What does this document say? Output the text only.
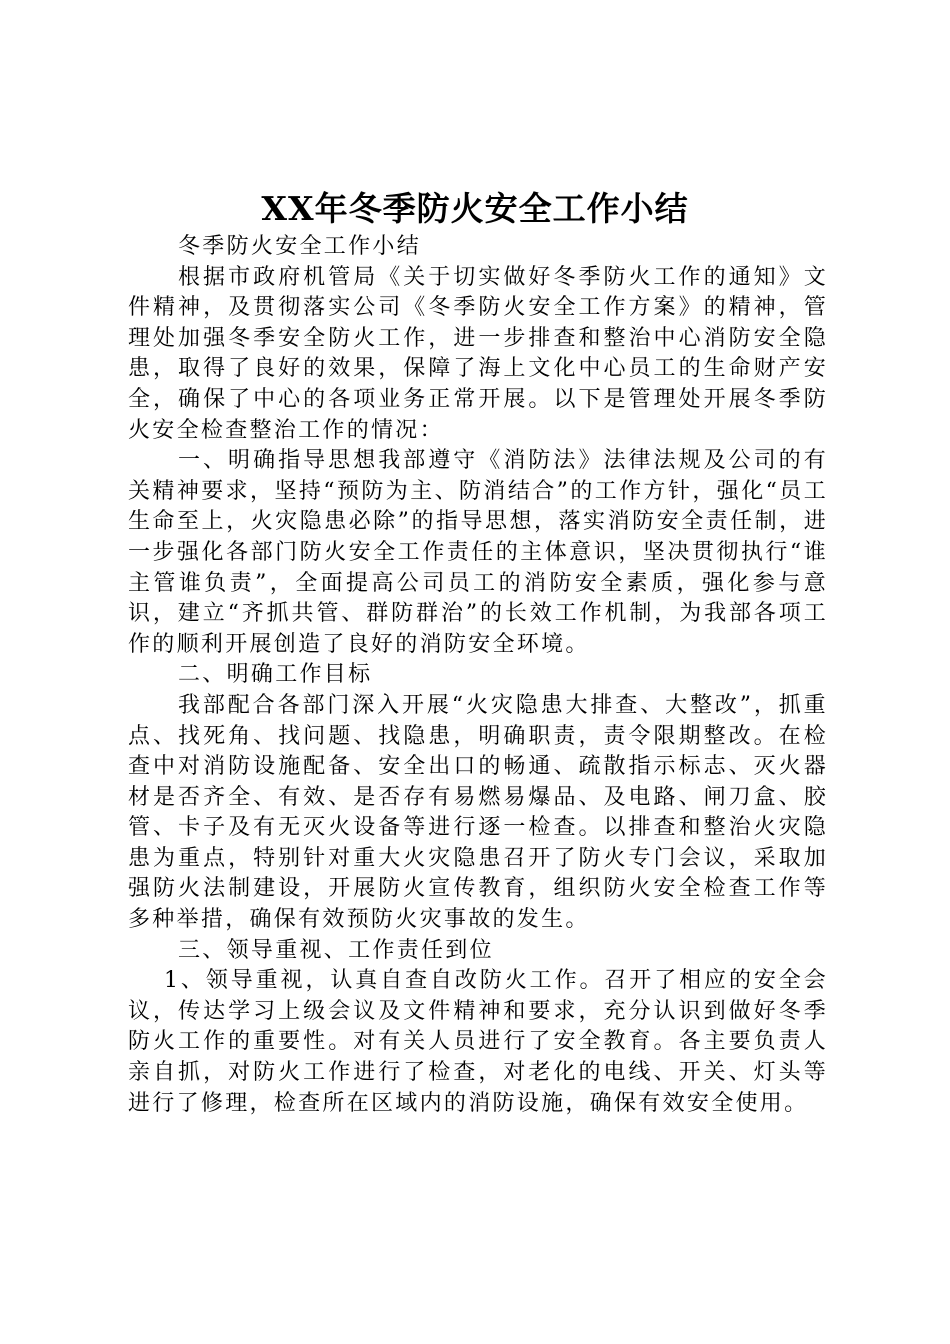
XX年冬季防火安全工作小结

冬季防火安全工作小结

根据市政府机管局《关于切实做好冬季防火工作的通知》文件精神，及贯彻落实公司《冬季防火安全工作方案》的精神，管理处加强冬季安全防火工作，进一步排查和整治中心消防安全隐患，取得了良好的效果，保障了海上文化中心员工的生命财产安全，确保了中心的各项业务正常开展。以下是管理处开展冬季防火安全检查整治工作的情况：

一、明确指导思想我部遵守《消防法》法律法规及公司的有关精神要求，坚持“预防为主、防消结合”的工作方针，强化“员工生命至上，火灾隐患必除”的指导思想，落实消防安全责任制，进一步强化各部门防火安全工作责任的主体意识，坚决贯彻执行“谁主管谁负责”，全面提高公司员工的消防安全素质，强化参与意识，建立“齐抓共管、群防群治”的长效工作机制，为我部各项工作的顺利开展创造了良好的消防安全环境。

二、明确工作目标

我部配合各部门深入开展“火灾隐患大排查、大整改”，抓重点、找死角、找问题、找隐患，明确职责，责令限期整改。在检查中对消防设施配备、安全出口的畅通、疏散指示标志、灭火器材是否齐全、有效、是否存有易燃易爆品、及电路、闸刀盒、胶管、卡子及有无灭火设备等进行逐一检查。以排查和整治火灾隐患为重点，特别针对重大火灾隐患召开了防火专门会议，采取加强防火法制建设，开展防火宣传教育，组织防火安全检查工作等多种举措，确保有效预防火灾事故的发生。

三、领导重视、工作责任到位

1、领导重视，认真自查自改防火工作。召开了相应的安全会议，传达学习上级会议及文件精神和要求，充分认识到做好冬季防火工作的重要性。对有关人员进行了安全教育。各主要负责人亲自抓，对防火工作进行了检查，对老化的电线、开关、灯头等进行了修理，检查所在区域内的消防设施，确保有效安全使用。
